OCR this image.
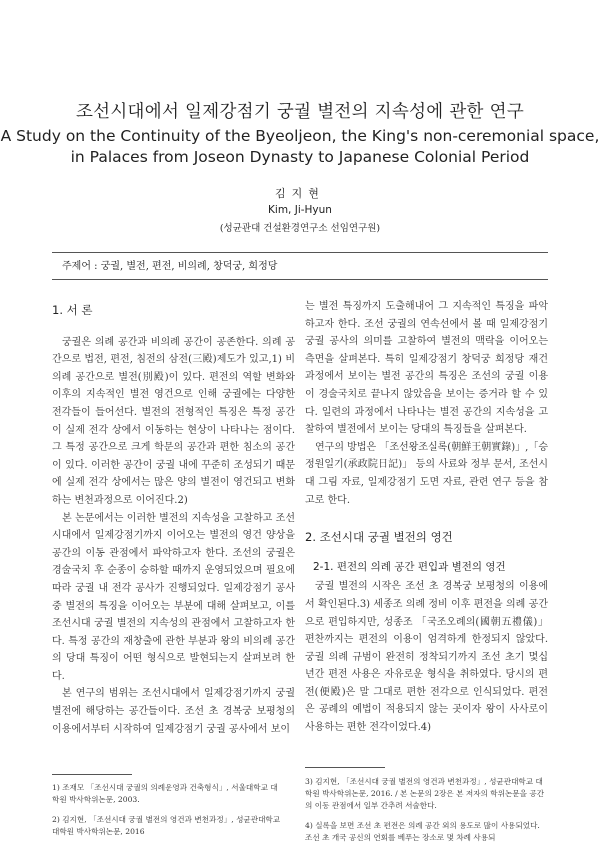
조선시대에서 일제강점기 궁궐 별전의 지속성에 관한 연구
A Study on the Continuity of the Byeoljeon, the King's non-ceremonial space,
in Palaces from Joseon Dynasty to Japanese Colonial Period
김지현
Kim, Ji-Hyun
(성균관대 건설환경연구소 선임연구원)
주제어 : 궁궐, 별전, 편전, 비의례, 창덕궁, 희정당
1. 서 론

궁궐은 의례 공간과 비의례 공간이 공존한다. 의례 공간으로 법전, 편전, 침전의 삼전(三殿)제도가 있고,1) 비의례 공간으로 별전(別殿)이 있다. 편전의 역할 변화와 이후의 지속적인 별전 영건으로 인해 궁궐에는 다양한 전각들이 들어선다. 별전의 전형적인 특징은 특정 공간이 실제 전각 상에서 이동하는 현상이 나타나는 점이다. 그 특정 공간으로 크게 학문의 공간과 편한 침소의 공간이 있다. 이러한 공간이 궁궐 내에 꾸준히 조성되기 때문에 실제 전각 상에서는 많은 양의 별전이 영건되고 변화하는 변천과정으로 이어진다.2)

본 논문에서는 이러한 별전의 지속성을 고찰하고 조선시대에서 일제강점기까지 이어오는 별전의 영건 양상을 공간의 이동 관점에서 파악하고자 한다. 조선의 궁궐은 경술국치 후 순종이 승하할 때까지 운영되었으며 필요에 따라 궁궐 내 전각 공사가 진행되었다. 일제강점기 공사 중 별전의 특징을 이어오는 부분에 대해 살펴보고, 이를 조선시대 궁궐 별전의 지속성의 관점에서 고찰하고자 한다. 특정 공간의 재창출에 관한 부분과 왕의 비의례 공간의 당대 특징이 어떤 형식으로 발현되는지 살펴보려 한다.

본 연구의 범위는 조선시대에서 일제강점기까지 궁궐 별전에 해당하는 공간들이다. 조선 초 경복궁 보평청의 이용에서부터 시작하여 일제강점기 궁궐 공사에서 보이

1) 조재모 「조선시대 궁궐의 의례운영과 건축형식」, 서울대학교 대학원 박사학위논문, 2003.

2) 김지현, 「조선시대 궁궐 별전의 영건과 변천과정」, 성균관대학교 대학원 박사학위논문, 2016

는 별전 특징까지 도출해내어 그 지속적인 특징을 파악하고자 한다. 조선 궁궐의 연속선에서 볼 때 일제강점기 궁궐 공사의 의미를 고찰하여 별전의 맥락을 이어오는 측면을 살펴본다. 특히 일제강점기 창덕궁 희정당 재건과정에서 보이는 별전 공간의 특징은 조선의 궁궐 이용이 경술국치로 끝나지 않았음을 보이는 증거라 할 수 있다. 일련의 과정에서 나타나는 별전 공간의 지속성을 고찰하여 별전에서 보이는 당대의 특징들을 살펴본다.

연구의 방법은 「조선왕조실록(朝鮮王朝實錄)」,「승정원일기(承政院日記)」 등의 사료와 정부 문서, 조선시대 그림 자료, 일제강점기 도면 자료, 관련 연구 등을 참고로 한다.

2. 조선시대 궁궐 별전의 영건
2-1. 편전의 의례 공간 편입과 별전의 영건

궁궐 별전의 시작은 조선 초 경복궁 보평청의 이용에서 확인된다.3) 세종조 의례 정비 이후 편전을 의례 공간으로 편입하지만, 성종조 「국조오례의(國朝五禮儀)」 편찬까지는 편전의 이용이 엄격하게 한정되지 않았다. 궁궐 의례 규범이 완전히 정착되기까지 조선 초기 몇십년간 편전 사용은 자유로운 형식을 취하였다. 당시의 편전(便殿)은 말 그대로 편한 전각으로 인식되었다. 편전은 공례의 예법이 적용되지 않는 곳이자 왕이 사사로이 사용하는 편한 전각이었다.4)

3) 김지현, 「조선시대 궁궐 별전의 영건과 변천과정」, 성균관대학교 대학원 박사학위논문, 2016. / 본 논문의 2장은 본 저자의 학위논문을 공간의 이동 관점에서 일부 간추려 서술한다.

4) 실록을 보면 조선 초 편전은 의례 공간 외의 용도로 많이 사용되었다. 조선 초 개국 공신의 연회를 베푸는 장소로 몇 차례 사용되
